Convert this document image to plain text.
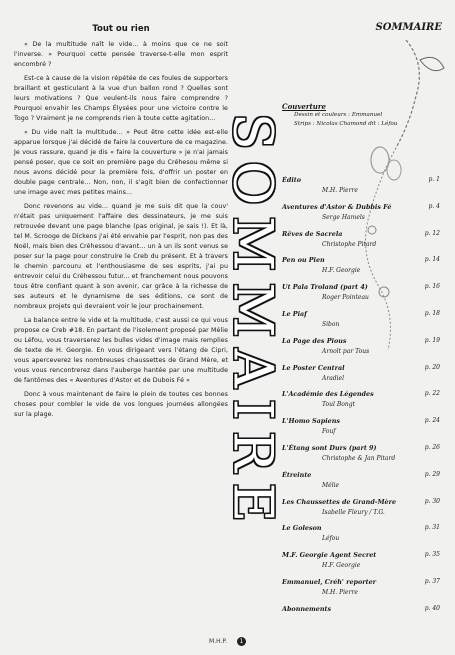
Tout ou rien

« De la multitude naît le vide... à moins que ce ne soit l'inverse. » Pourquoi cette pensée traverse-t-elle mon esprit encombré ?

Est-ce à cause de la vision répétée de ces foules de supporters braillant et gesticulant à la vue d'un ballon rond ? Quelles sont leurs motivations ? Que veulent-ils nous faire comprendre ? Pourquoi envahir les Champs Élysées pour une victoire contre le Togo ? Vraiment je ne comprends rien à toute cette agitation...

« Du vide naît la multitude... » Peut être cette idée est-elle apparue lorsque j'ai décidé de faire la couverture de ce magazine. Je vous rassure, quand je dis « faire la couverture » je n'ai jamais pensé poser, que ce soit en première page du Créhesou même si nous avons décidé pour la première fois, d'offrir un poster en double page centrale... Non, non, il s'agit bien de confectionner une image avec mes petites mains...

Donc revenons au vide... quand je me suis dit que la couv' n'était pas uniquement l'affaire des dessinateurs, je me suis retrouvée devant une page blanche (pas original, je sais !). Et là, tel M. Scrooge de Dickens j'ai été envahie par l'esprit, non pas des Noël, mais bien des Créhessou d'avant... un à un ils sont venus se poser sur la page pour construire le Creb du présent. Et à travers le chemin parcouru et l'enthousiasme de ses esprits, j'ai pu entrevoir celui du Créhessou futur... et franchement nous pouvons tous être confiant quant à son avenir, car grâce à la richesse de ses auteurs et le dynamisme de ses éditions, ce sont de nombreux projets qui devraient voir le jour prochainement.

La balance entre le vide et la multitude, c'est aussi ce qui vous propose ce Creb #18. En partant de l'isolement proposé par Mélie ou Léfou, vous traverserez les bulles vides d'image mais remplies de texte de H. Georgie. En vous dirigeant vers l'étang de Cipri, vous aperceverez les nombreuses chaussettes de Grand Mère, et vous vous rencontrerez dans l'auberge hantée par une multitude de fantômes des « Aventures d'Astor et de Dubois Fé »

Donc à vous maintenant de faire le plein de toutes ces bonnes choses pour combler le vide de vos longues journées allongées sur la plage.	SOMMAIRE
SOMMAIRE
Couverture
Dessin et couleurs : Emmanuel
Strips : Nicolas Chamond dit : Léfou
Édito	p. 1
M.H. Pierre
Aventures d'Astor & Dubbis Fé	p. 4
Serge Hamels
Rêves de Sacrela	p. 12
Christophe Pitard
Pen ou Pien	p. 14
H.F. Georgie
Ut Pala Troland (part 4)	p. 16
Roger Pointeau
Le Piaf	p. 18
Sibon
La Page des Pious	p. 19
Arnolt par Tous
Le Poster Central	p. 20
Aradiel
L'Académie des Légendes	p. 22
Toul Bongt
L'Homo Sapiens	p. 24
Fouf
L'Étang sont Durs (part 9)	p. 26
Christophe & Jan Pitard
Étreinte	p. 29
Mélie
Les Chaussettes de Grand-Mère	p. 30
Isabelle Fleury / T.G.
Le Goleson	p. 31
Léfou
M.F. Georgie Agent Secret	p. 35
H.F. Georgie
Emmanuel, Créh' reporter	p. 37
M.H. Pierre
Abonnements	p. 40
M.H.P. 1
